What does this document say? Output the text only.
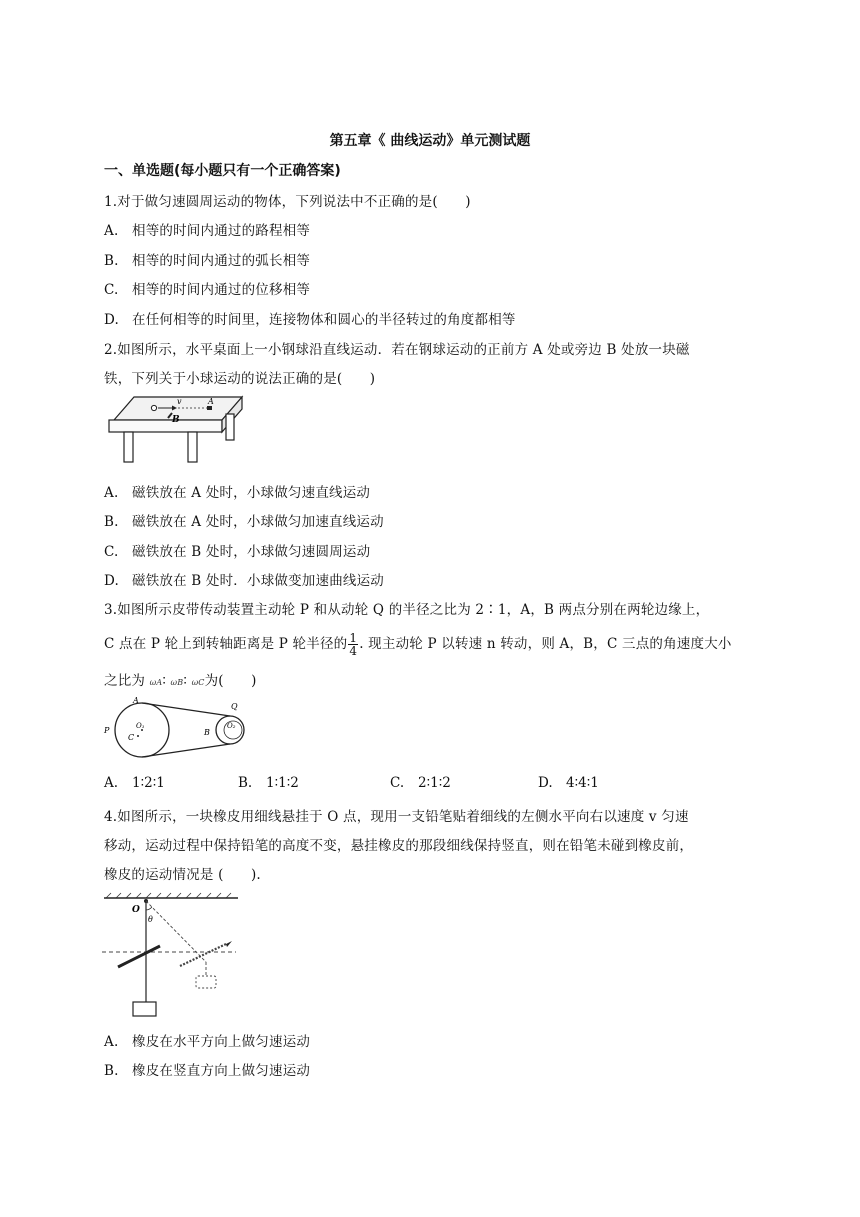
第五章《 曲线运动》单元测试题
一、单选题(每小题只有一个正确答案)
1.对于做匀速圆周运动的物体，下列说法中不正确的是(　　)
A. 相等的时间内通过的路程相等
B. 相等的时间内通过的弧长相等
C. 相等的时间内通过的位移相等
D. 在任何相等的时间里，连接物体和圆心的半径转过的角度都相等
2.如图所示，水平桌面上一小钢球沿直线运动．若在钢球运动的正前方 A 处或旁边 B 处放一块磁
铁，下列关于小球运动的说法正确的是(　　)
v	A
B
A. 磁铁放在 A 处时，小球做匀速直线运动
B. 磁铁放在 A 处时，小球做匀加速直线运动
C. 磁铁放在 B 处时，小球做匀速圆周运动
D. 磁铁放在 B 处时．小球做变加速曲线运动
3.如图所示皮带传动装置主动轮 P 和从动轮 Q 的半径之比为 2∶1，A，B 两点分别在两轮边缘上，
C 点在 P 轮上到转轴距离是 P 轮半径的 $\frac{1}{4}$ . 现主动轮 P 以转速 n 转动，则 A，B，C 三点的角速度大小
之比为 ωA∶ ωB∶ ωC为(　　)
A
Q
P	O₁	O₂
C
B
A. 1∶2∶1	B. 1∶1∶2	C. 2∶1∶2	D. 4∶4∶1
4.如图所示，一块橡皮用细线悬挂于 O 点，现用一支铅笔贴着细线的左侧水平向右以速度 v 匀速
移动，运动过程中保持铅笔的高度不变，悬挂橡皮的那段细线保持竖直，则在铅笔未碰到橡皮前，
橡皮的运动情况是 (　　).
O
θ
A. 橡皮在水平方向上做匀速运动
B. 橡皮在竖直方向上做匀速运动
